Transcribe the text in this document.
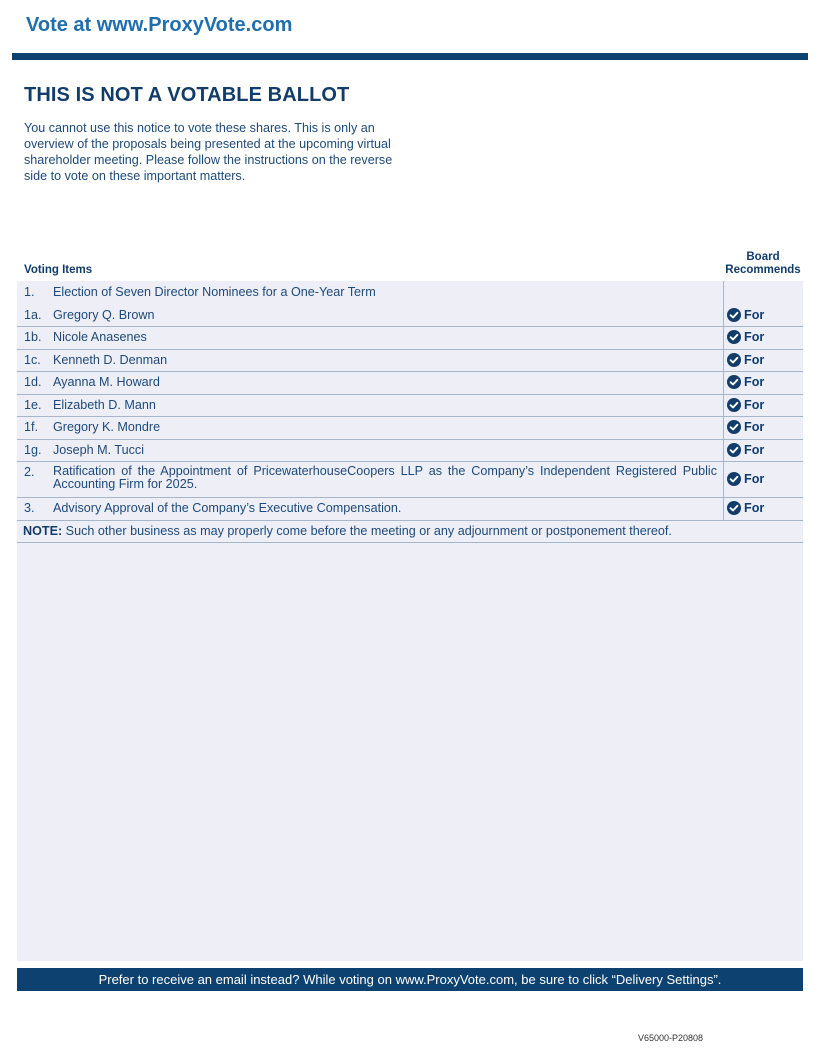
Vote at www.ProxyVote.com
THIS IS NOT A VOTABLE BALLOT
You cannot use this notice to vote these shares. This is only an overview of the proposals being presented at the upcoming virtual shareholder meeting. Please follow the instructions on the reverse side to vote on these important matters.
Voting Items
Board
Recommends
1. Election of Seven Director Nominees for a One-Year Term
1a. Gregory Q. Brown	For
1b. Nicole Anasenes	For
1c. Kenneth D. Denman	For
1d. Ayanna M. Howard	For
1e. Elizabeth D. Mann	For
1f. Gregory K. Mondre	For
1g. Joseph M. Tucci	For
2. Ratification of the Appointment of PricewaterhouseCoopers LLP as the Company’s Independent Registered Public Accounting Firm for 2025.	For
3. Advisory Approval of the Company’s Executive Compensation.	For
NOTE: Such other business as may properly come before the meeting or any adjournment or postponement thereof.
Prefer to receive an email instead? While voting on www.ProxyVote.com, be sure to click “Delivery Settings”.
V65000-P20808
